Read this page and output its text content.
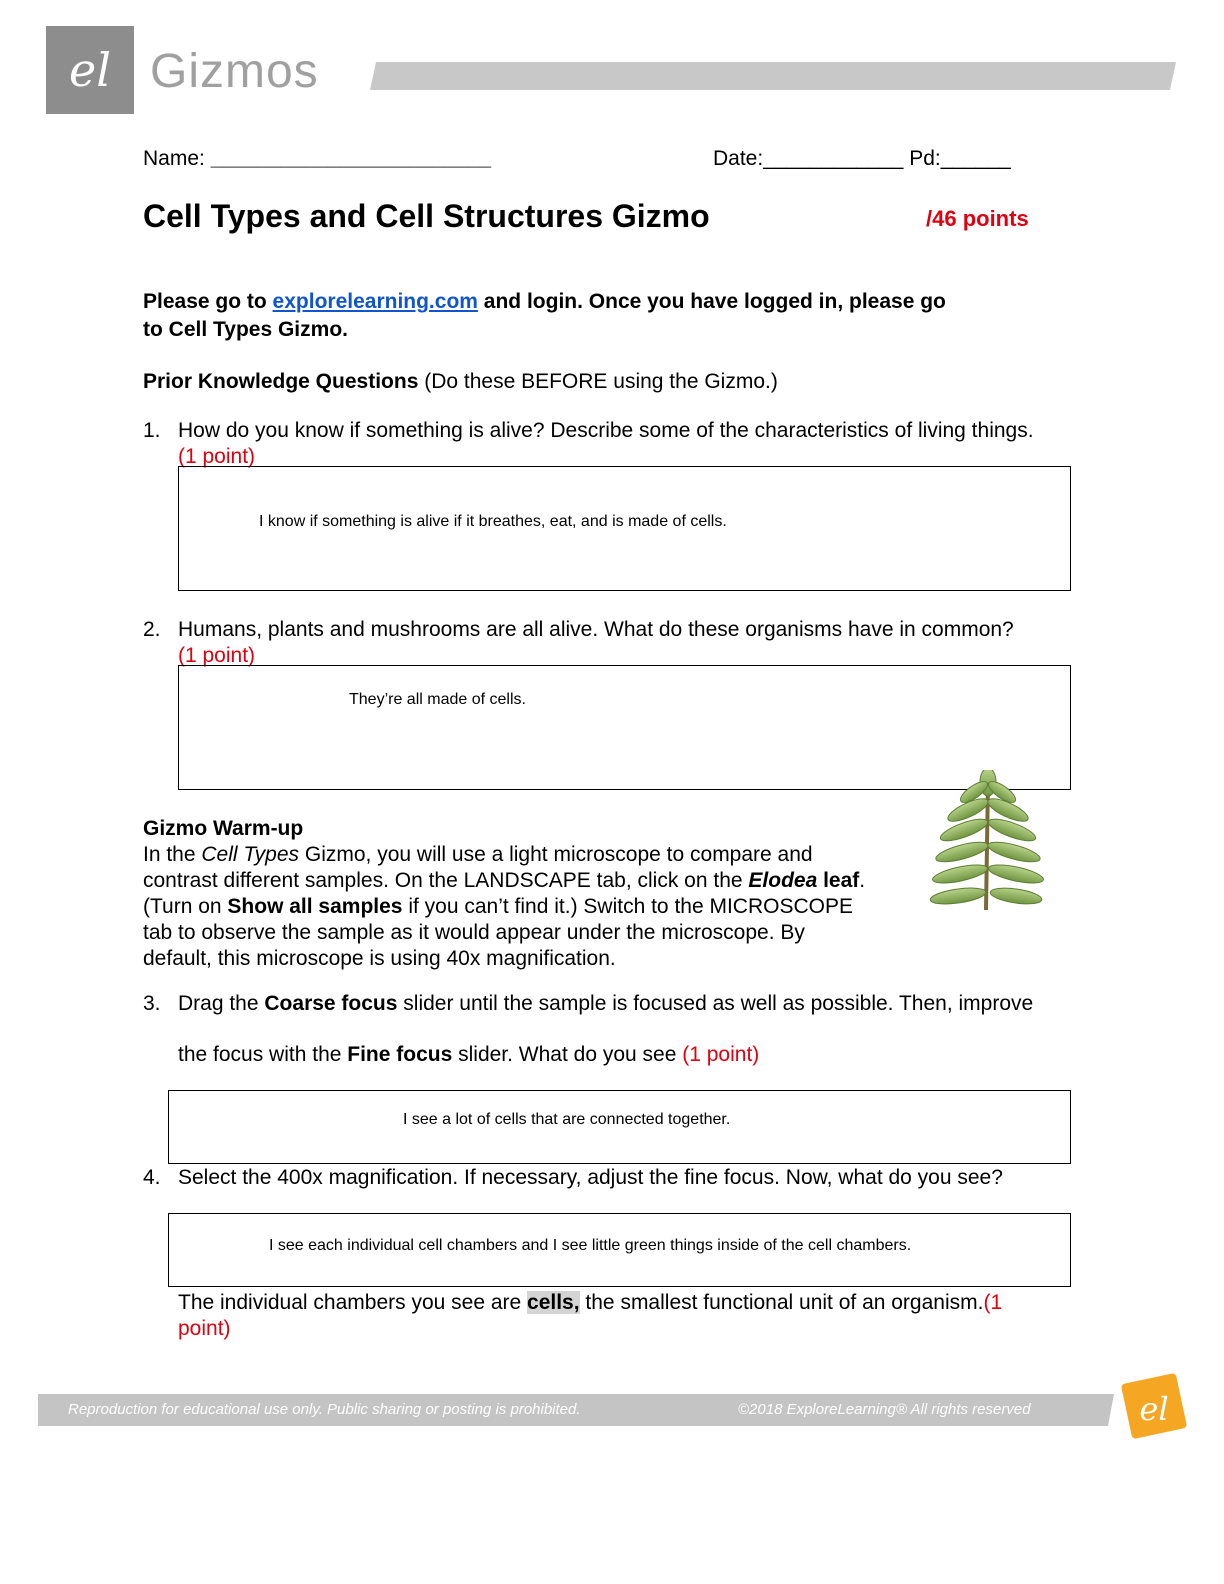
el Gizmos
Name: ________________________	Date:____________ Pd:______
Cell Types and Cell Structures Gizmo	/46 points
Please go to explorelearning.com and login. Once you have logged in, please go
to Cell Types Gizmo.
Prior Knowledge Questions (Do these BEFORE using the Gizmo.)
1. How do you know if something is alive? Describe some of the characteristics of living things.
(1 point)
I know if something is alive if it breathes, eat, and is made of cells.
2. Humans, plants and mushrooms are all alive. What do these organisms have in common?
(1 point)
They’re all made of cells.
Gizmo Warm-up
In the Cell Types Gizmo, you will use a light microscope to compare and
contrast different samples. On the LANDSCAPE tab, click on the Elodea leaf.
(Turn on Show all samples if you can’t find it.) Switch to the MICROSCOPE
tab to observe the sample as it would appear under the microscope. By
default, this microscope is using 40x magnification.
3. Drag the Coarse focus slider until the sample is focused as well as possible. Then, improve
the focus with the Fine focus slider. What do you see (1 point)
I see a lot of cells that are connected together.
4. Select the 400x magnification. If necessary, adjust the fine focus. Now, what do you see?
I see each individual cell chambers and I see little green things inside of the cell chambers.
The individual chambers you see are cells, the smallest functional unit of an organism.(1
point)
Reproduction for educational use only. Public sharing or posting is prohibited.	©2018 ExploreLearning® All rights reserved	el
